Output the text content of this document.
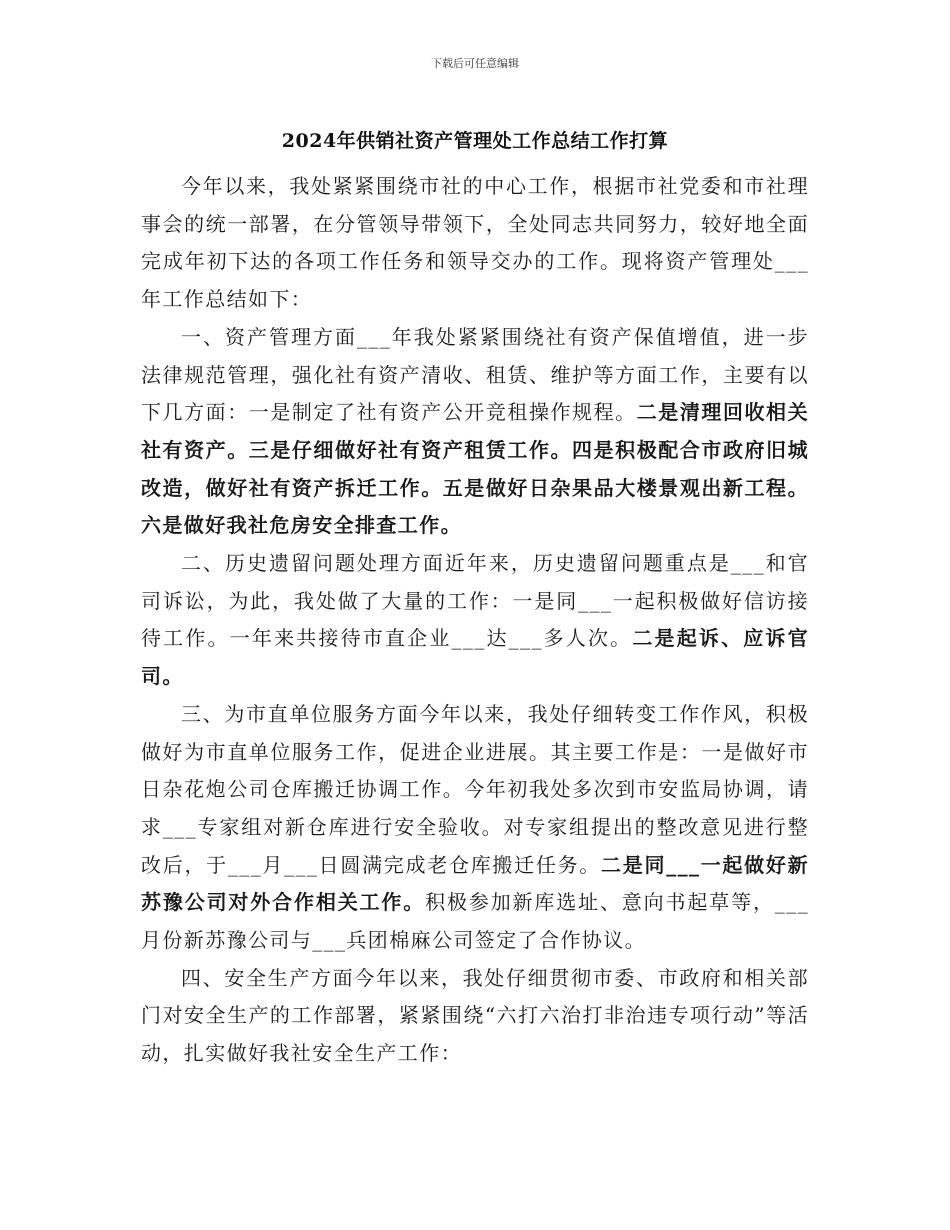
下载后可任意编辑
2024年供销社资产管理处工作总结工作打算

今年以来，我处紧紧围绕市社的中心工作，根据市社党委和市社理事会的统一部署，在分管领导带领下，全处同志共同努力，较好地全面完成年初下达的各项工作任务和领导交办的工作。现将资产管理处___年工作总结如下：

一、资产管理方面___年我处紧紧围绕社有资产保值增值，进一步法律规范管理，强化社有资产清收、租赁、维护等方面工作，主要有以下几方面：一是制定了社有资产公开竞租操作规程。二是清理回收相关社有资产。三是仔细做好社有资产租赁工作。四是积极配合市政府旧城改造，做好社有资产拆迁工作。五是做好日杂果品大楼景观出新工程。六是做好我社危房安全排查工作。

二、历史遗留问题处理方面近年来，历史遗留问题重点是___和官司诉讼，为此，我处做了大量的工作：一是同___一起积极做好信访接待工作。一年来共接待市直企业___达___多人次。二是起诉、应诉官司。

三、为市直单位服务方面今年以来，我处仔细转变工作作风，积极做好为市直单位服务工作，促进企业进展。其主要工作是：一是做好市日杂花炮公司仓库搬迁协调工作。今年初我处多次到市安监局协调，请求___专家组对新仓库进行安全验收。对专家组提出的整改意见进行整改后，于___月___日圆满完成老仓库搬迁任务。二是同___一起做好新苏豫公司对外合作相关工作。积极参加新库选址、意向书起草等，___月份新苏豫公司与___兵团棉麻公司签定了合作协议。

四、安全生产方面今年以来，我处仔细贯彻市委、市政府和相关部门对安全生产的工作部署，紧紧围绕“六打六治打非治违专项行动”等活动，扎实做好我社安全生产工作：
